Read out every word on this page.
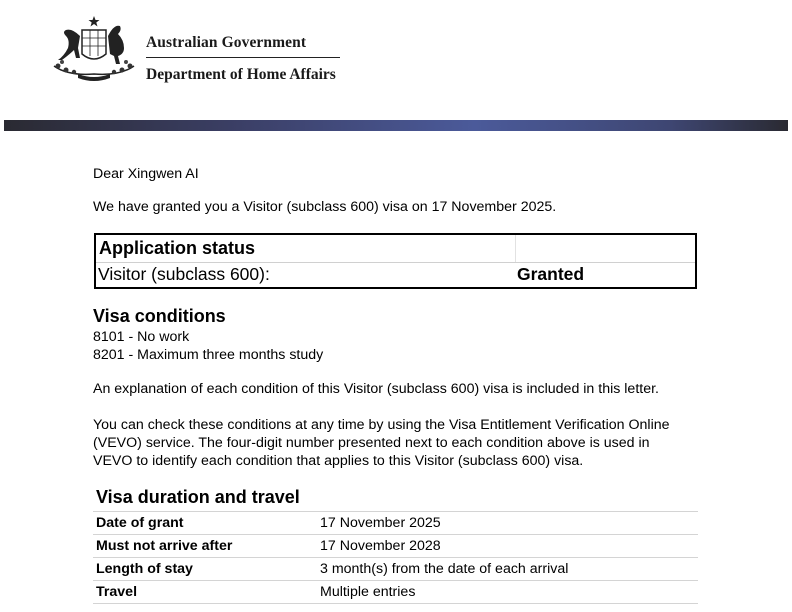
Australian Government
Department of Home Affairs
Dear Xingwen AI
We have granted you a Visitor (subclass 600) visa on 17 November 2025.
Application status
Visitor (subclass 600):	Granted
Visa conditions
8101 - No work
8201 - Maximum three months study
An explanation of each condition of this Visitor (subclass 600) visa is included in this letter.
You can check these conditions at any time by using the Visa Entitlement Verification Online
(VEVO) service. The four-digit number presented next to each condition above is used in
VEVO to identify each condition that applies to this Visitor (subclass 600) visa.
Visa duration and travel
Date of grant	17 November 2025
Must not arrive after	17 November 2028
Length of stay	3 month(s) from the date of each arrival
Travel	Multiple entries
